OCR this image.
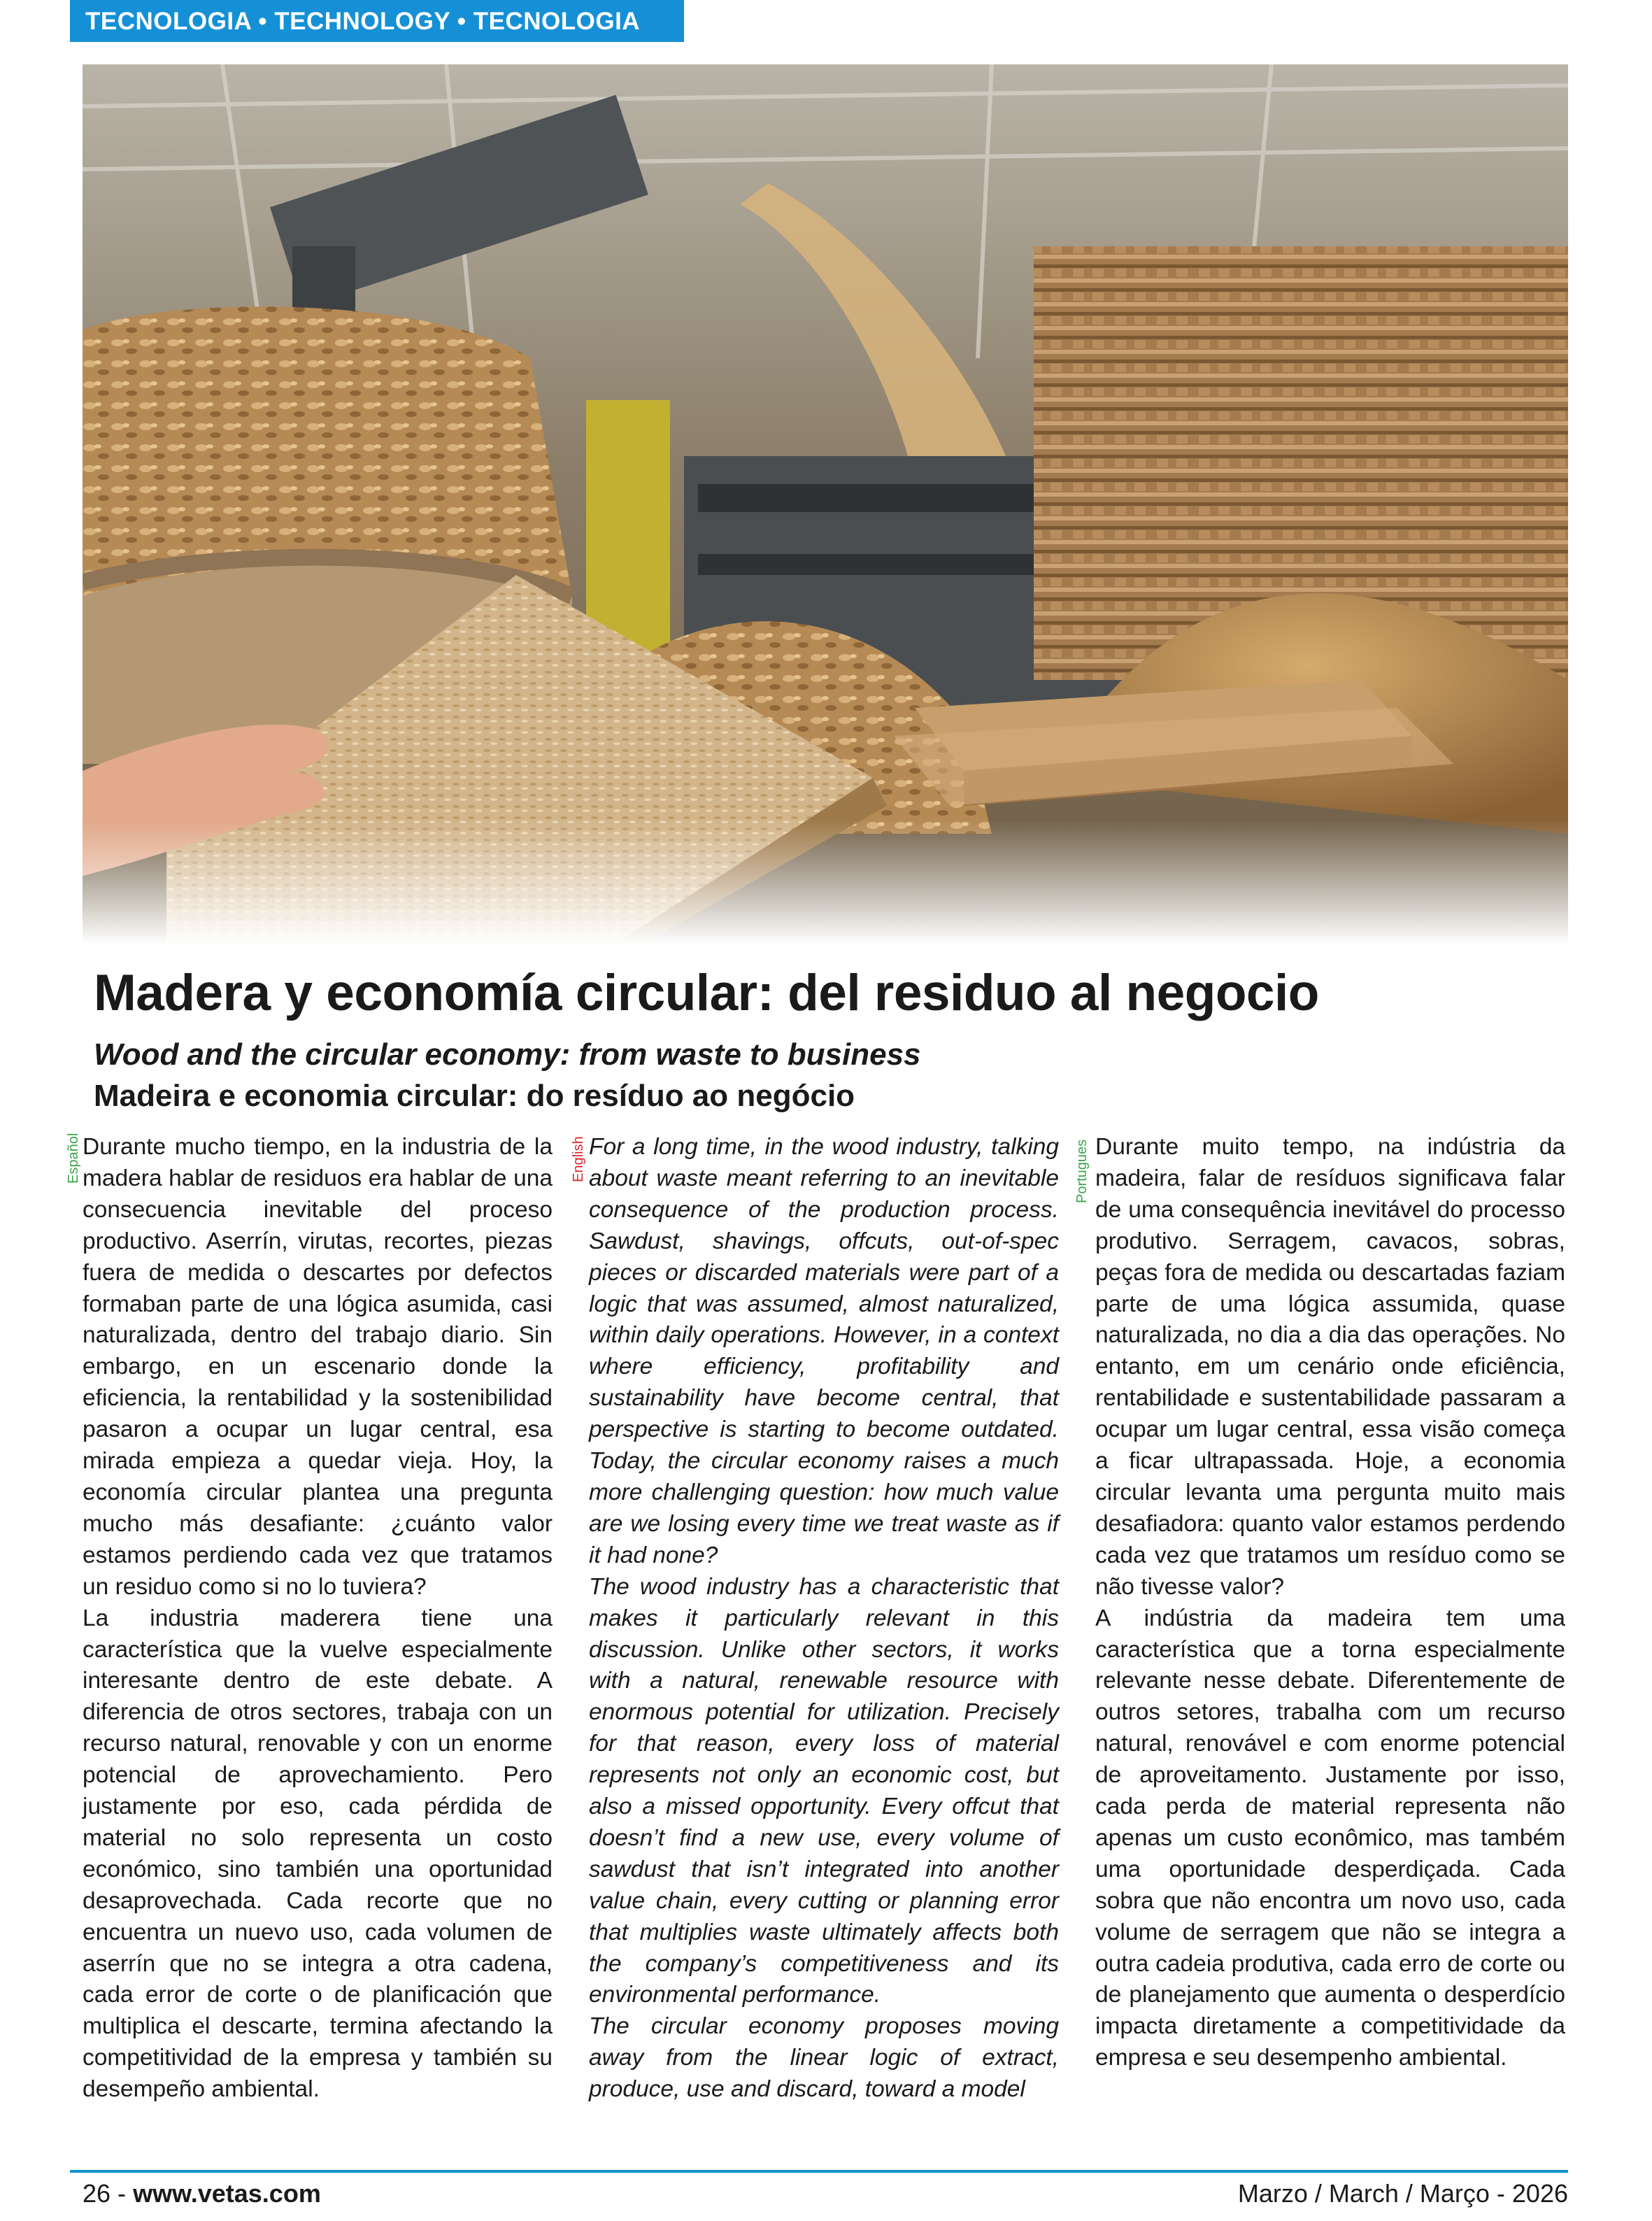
TECNOLOGIA • TECHNOLOGY • TECNOLOGIA
Madera y economía circular: del residuo al negocio
Wood and the circular economy: from waste to business
Madeira e economia circular: do resíduo ao negócio
Español	English	Portugues

Durante mucho tiempo, en la industria de la madera hablar de residuos era hablar de una consecuencia inevitable del proceso productivo. Aserrín, virutas, recortes, piezas fuera de medida o descartes por defectos formaban parte de una lógica asumida, casi naturalizada, dentro del trabajo diario. Sin embargo, en un escenario donde la eficiencia, la rentabilidad y la sostenibilidad pasaron a ocupar un lugar central, esa mirada empieza a quedar vieja. Hoy, la economía circular plantea una pregunta mucho más desafiante: ¿cuánto valor estamos perdiendo cada vez que tratamos un residuo como si no lo tuviera?

La industria maderera tiene una característica que la vuelve especialmente interesante dentro de este debate. A diferencia de otros sectores, trabaja con un recurso natural, renovable y con un enorme potencial de aprovechamiento. Pero justamente por eso, cada pérdida de material no solo representa un costo económico, sino también una oportunidad desaprovechada. Cada recorte que no encuentra un nuevo uso, cada volumen de aserrín que no se integra a otra cadena, cada error de corte o de planificación que multiplica el descarte, termina afectando la competitividad de la empresa y también su desempeño ambiental.

For a long time, in the wood industry, talking about waste meant referring to an inevitable consequence of the production process. Sawdust, shavings, offcuts, out-of-spec pieces or discarded materials were part of a logic that was assumed, almost naturalized, within daily operations. However, in a context where efficiency, profitability and sustainability have become central, that perspective is starting to become outdated. Today, the circular economy raises a much more challenging question: how much value are we losing every time we treat waste as if it had none?

The wood industry has a characteristic that makes it particularly relevant in this discussion. Unlike other sectors, it works with a natural, renewable resource with enormous potential for utilization. Precisely for that reason, every loss of material represents not only an economic cost, but also a missed opportunity. Every offcut that doesn’t find a new use, every volume of sawdust that isn’t integrated into another value chain, every cutting or planning error that multiplies waste ultimately affects both the company’s competitiveness and its environmental performance.

The circular economy proposes moving away from the linear logic of extract, produce, use and discard, toward a model

Durante muito tempo, na indústria da madeira, falar de resíduos significava falar de uma consequência inevitável do processo produtivo. Serragem, cavacos, sobras, peças fora de medida ou descartadas faziam parte de uma lógica assumida, quase naturalizada, no dia a dia das operações. No entanto, em um cenário onde eficiência, rentabilidade e sustentabilidade passaram a ocupar um lugar central, essa visão começa a ficar ultrapassada. Hoje, a economia circular levanta uma pergunta muito mais desafiadora: quanto valor estamos perdendo cada vez que tratamos um resíduo como se não tivesse valor?

A indústria da madeira tem uma característica que a torna especialmente relevante nesse debate. Diferentemente de outros setores, trabalha com um recurso natural, renovável e com enorme potencial de aproveitamento. Justamente por isso, cada perda de material representa não apenas um custo econômico, mas também uma oportunidade desperdiçada. Cada sobra que não encontra um novo uso, cada volume de serragem que não se integra a outra cadeia produtiva, cada erro de corte ou de planejamento que aumenta o desperdício impacta diretamente a competitividade da empresa e seu desempenho ambiental.

26 - www.vetas.com	Marzo / March / Março - 2026
